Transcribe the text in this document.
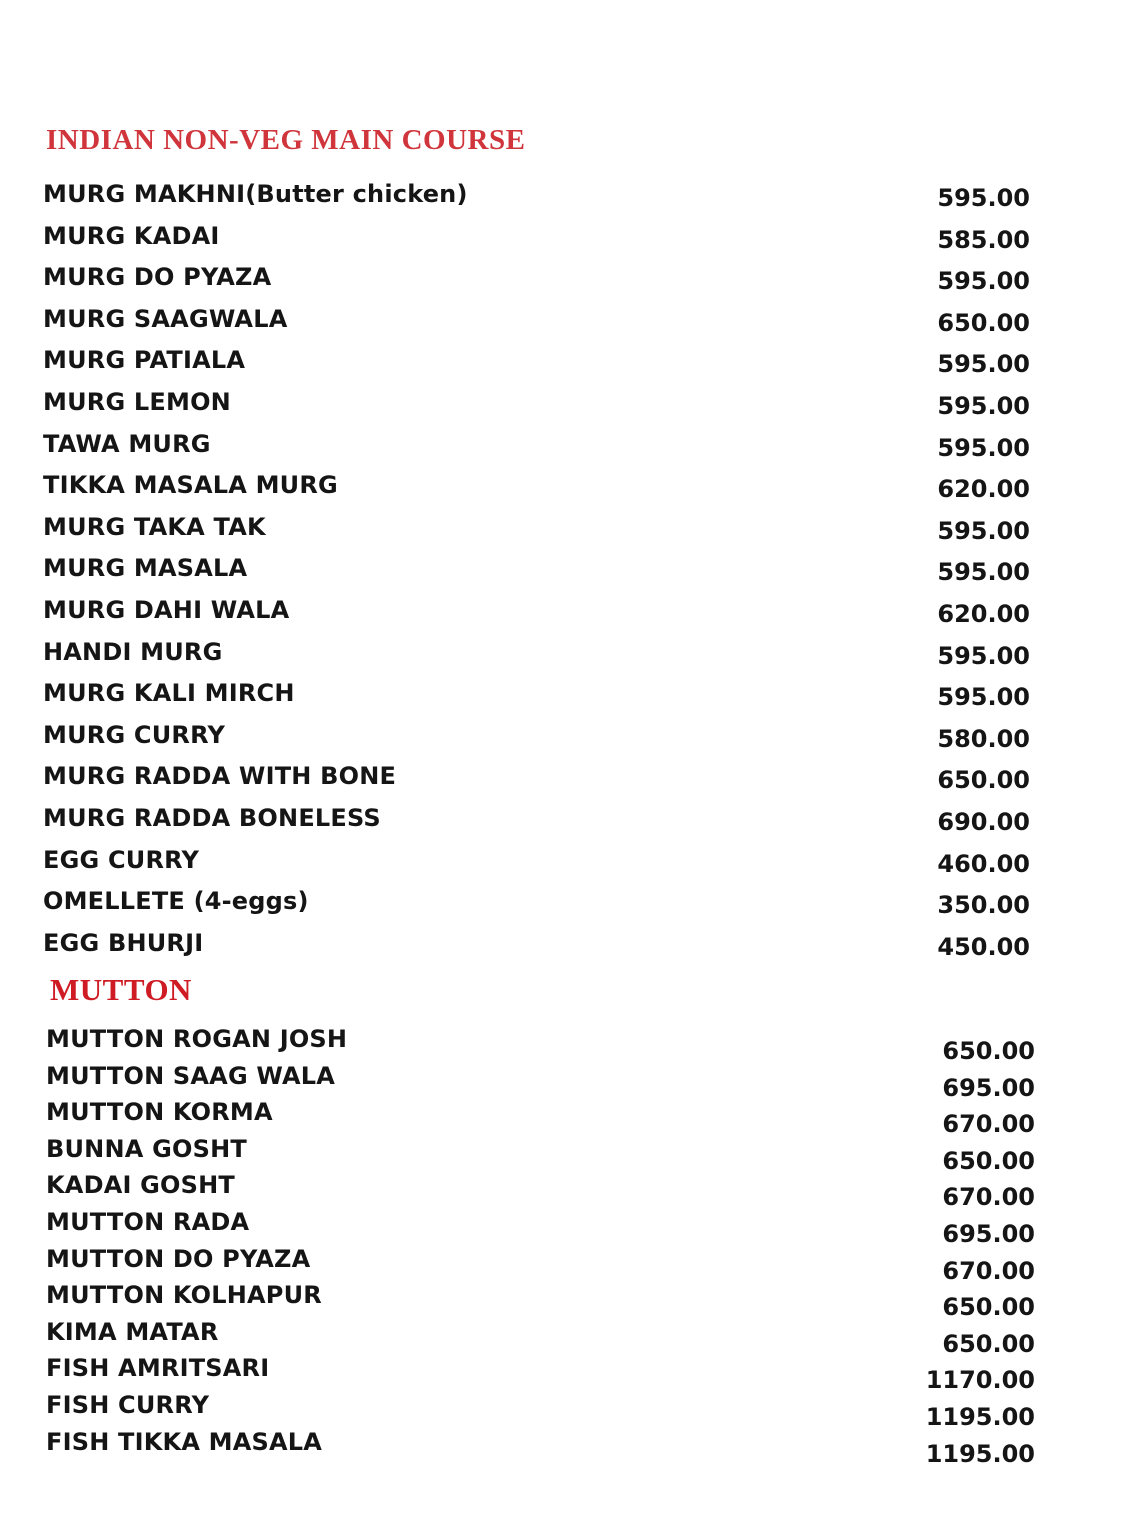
INDIAN NON-VEG MAIN COURSE
MURG MAKHNI(Butter chicken)	595.00
MURG KADAI	585.00
MURG DO PYAZA	595.00
MURG SAAGWALA	650.00
MURG PATIALA	595.00
MURG LEMON	595.00
TAWA MURG	595.00
TIKKA MASALA MURG	620.00
MURG TAKA TAK	595.00
MURG MASALA	595.00
MURG DAHI WALA	620.00
HANDI MURG	595.00
MURG KALI MIRCH	595.00
MURG CURRY	580.00
MURG RADDA WITH BONE	650.00
MURG RADDA BONELESS	690.00
EGG CURRY	460.00
OMELLETE (4-eggs)	350.00
EGG BHURJI	450.00
MUTTON
MUTTON ROGAN JOSH	650.00
MUTTON SAAG WALA	695.00
MUTTON KORMA	670.00
BUNNA GOSHT	650.00
KADAI GOSHT	670.00
MUTTON RADA	695.00
MUTTON DO PYAZA	670.00
MUTTON KOLHAPUR	650.00
KIMA MATAR	650.00
FISH AMRITSARI	1170.00
FISH CURRY	1195.00
FISH TIKKA MASALA	1195.00
